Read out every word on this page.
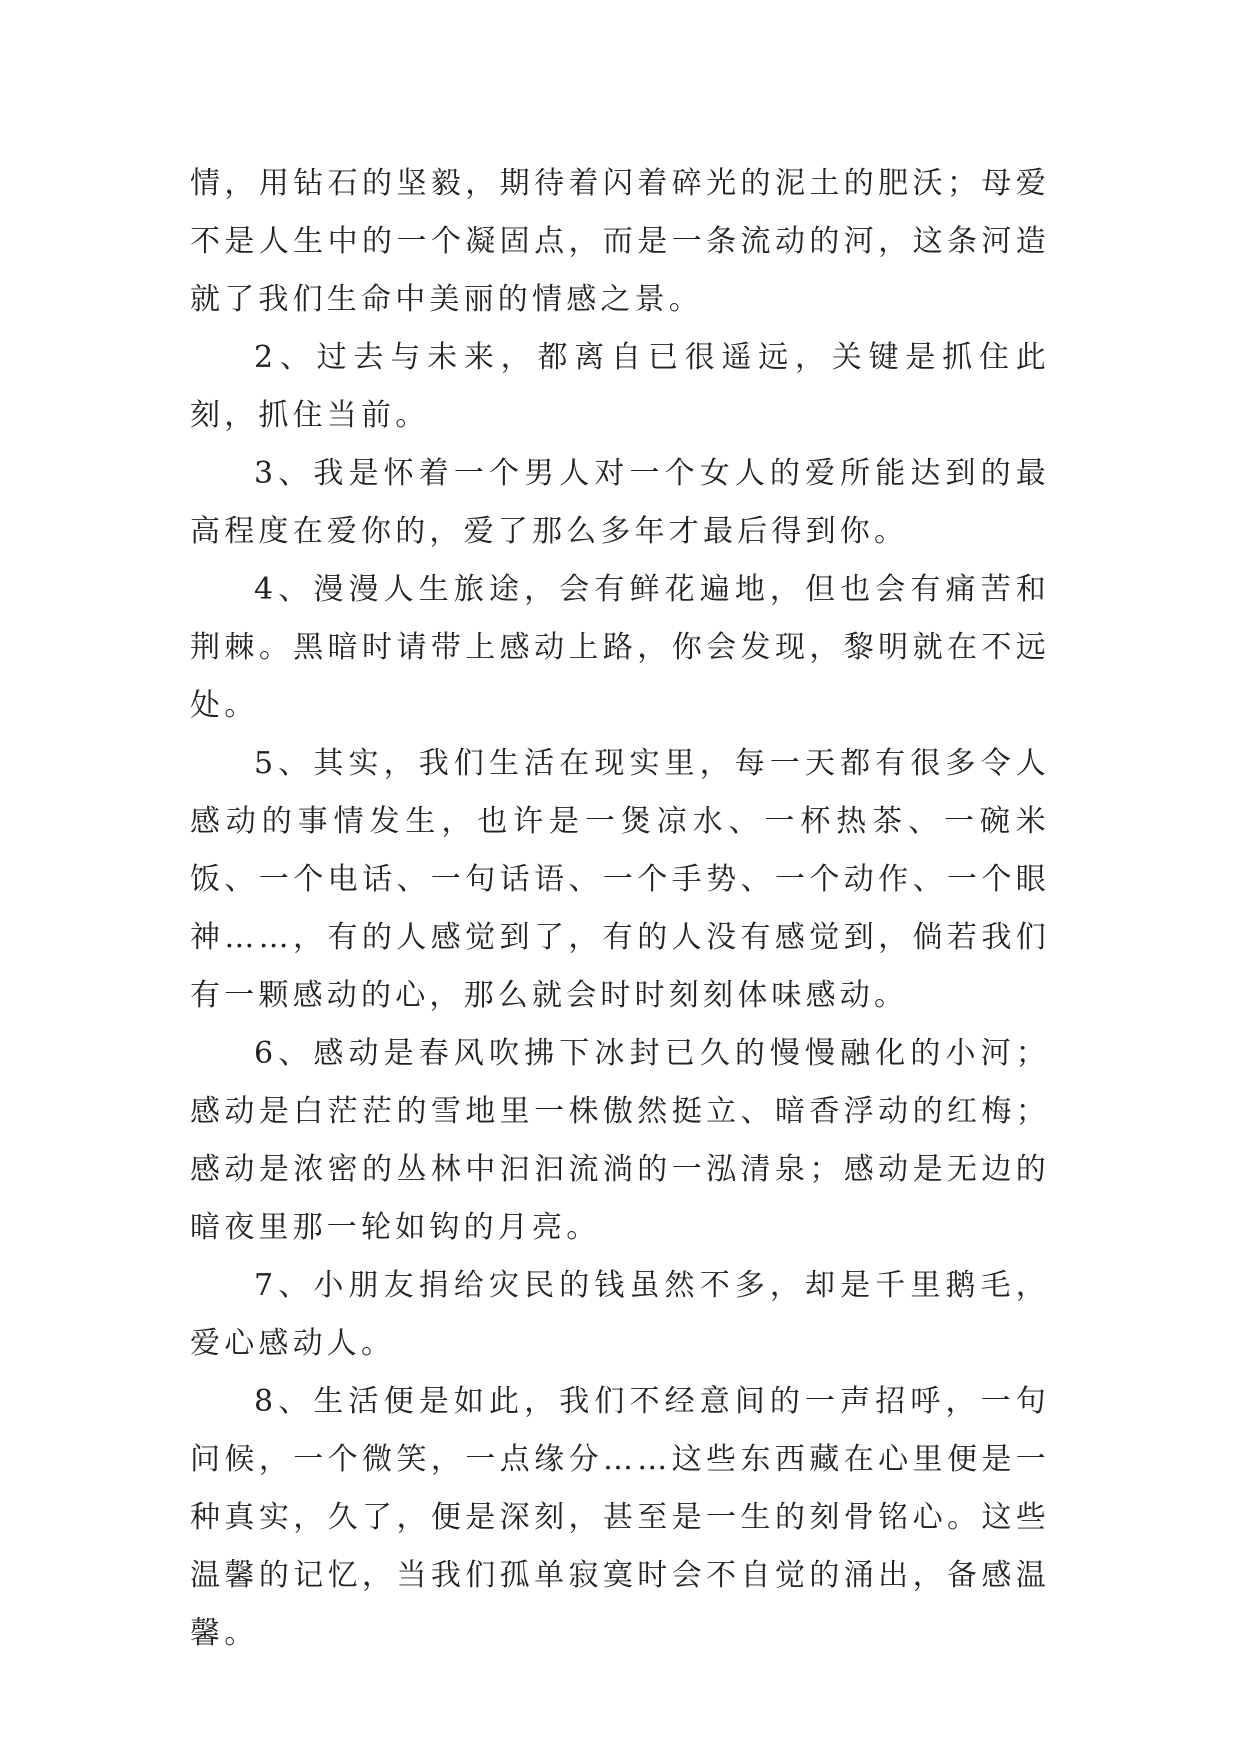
情，用钻石的坚毅，期待着闪着碎光的泥土的肥沃；母爱不是人生中的一个凝固点，而是一条流动的河，这条河造就了我们生命中美丽的情感之景。

2、过去与未来，都离自已很遥远，关键是抓住此刻，抓住当前。

3、我是怀着一个男人对一个女人的爱所能达到的最高程度在爱你的，爱了那么多年才最后得到你。

4、漫漫人生旅途，会有鲜花遍地，但也会有痛苦和荆棘。黑暗时请带上感动上路，你会发现，黎明就在不远处。

5、其实，我们生活在现实里，每一天都有很多令人感动的事情发生，也许是一煲凉水、一杯热茶、一碗米饭、一个电话、一句话语、一个手势、一个动作、一个眼神……，有的人感觉到了，有的人没有感觉到，倘若我们有一颗感动的心，那么就会时时刻刻体味感动。

6、感动是春风吹拂下冰封已久的慢慢融化的小河；感动是白茫茫的雪地里一株傲然挺立、暗香浮动的红梅；感动是浓密的丛林中汩汩流淌的一泓清泉；感动是无边的暗夜里那一轮如钩的月亮。

7、小朋友捐给灾民的钱虽然不多，却是千里鹅毛，爱心感动人。

8、生活便是如此，我们不经意间的一声招呼，一句问候，一个微笑，一点缘分……这些东西藏在心里便是一种真实，久了，便是深刻，甚至是一生的刻骨铭心。这些温馨的记忆，当我们孤单寂寞时会不自觉的涌出，备感温馨。
